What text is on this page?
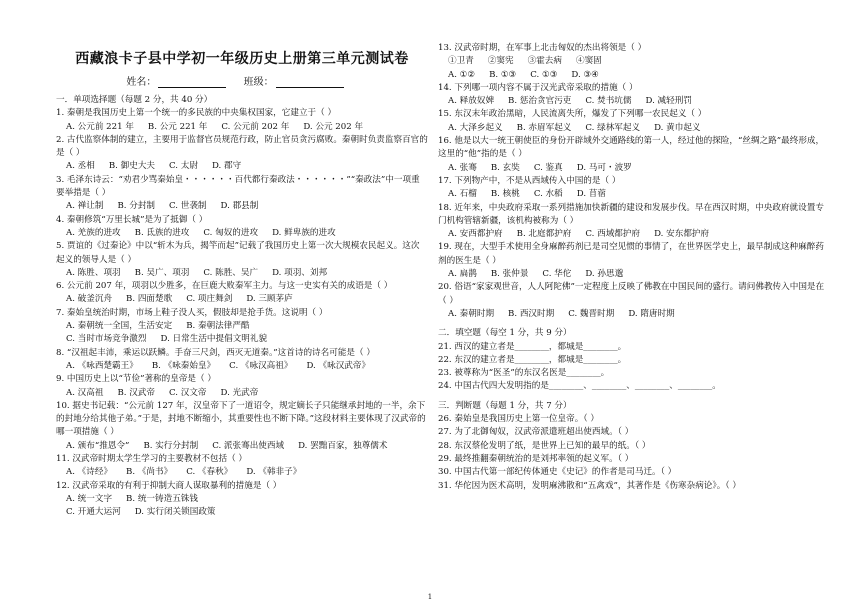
西藏浪卡子县中学初一年级历史上册第三单元测试卷
姓名：	班级：
一．单项选择题（每题 2 分，共 40 分）
1. 秦朝是我国历史上第一个统一的多民族的中央集权国家，它建立于（ ）
A. 公元前 221 年 B. 公元 221 年 C. 公元前 202 年 D. 公元 202 年
2. 古代监察体制的建立，主要用于监督官员规范行政，防止官员贪污腐败。秦朝时负责监察百官的是（ ）
A. 丞相 B. 御史大夫 C. 太尉 D. 郡守
3. 毛泽东诗云：“劝君少骂秦始皇・・・・・・百代都行秦政法・・・・・・”“秦政法”中一项重要举措是（ ）
A. 禅让制 B. 分封制 C. 世袭制 D. 郡县制
4. 秦朝修筑“万里长城”是为了抵御（ ）
A. 羌族的进攻 B. 氐族的进攻 C. 匈奴的进攻 D. 鲜卑族的进攻
5. 贾谊的《过秦论》中以“斩木为兵，揭竿而起”记载了我国历史上第一次大规模农民起义。这次起义的领导人是（ ）
A. 陈胜、项羽 B. 吴广、项羽 C. 陈胜、吴广 D. 项羽、刘邦
6. 公元前 207 年，项羽以少胜多，在巨鹿大败秦军主力。与这一史实有关的成语是（ ）
A. 破釜沉舟 B. 四面楚歌 C. 项庄舞剑 D. 三顾茅庐
7. 秦始皇统治时期，市场上鞋子没人买，假肢却是抢手货。这说明（ ）
A. 秦朝统一全国，生活安定 B. 秦朝法律严酷
C. 当时市场竞争激烈 D. 日常生活中提倡文明礼貌
8. “汉祖起丰沛，乘运以跃鳞。手奋三尺剑，西灭无道秦。”这首诗的诗名可能是（ ）
A. 《咏西楚霸王》 B. 《咏秦始皇》 C. 《咏汉高祖》 D. 《咏汉武帝》
9. 中国历史上以“节俭”著称的皇帝是（ ）
A. 汉高祖 B. 汉武帝 C. 汉文帝 D. 光武帝
10. 据史书记载：“公元前 127 年，汉皇帝下了一道诏令，规定嫡长子只能继承封地的一半，余下的封地分给其他子弟。”于是，封地不断缩小，其重要性也不断下降。”这段材料主要体现了汉武帝的哪一项措施（ ）
A. 颁布“推恩令” B. 实行分封制 C. 派张骞出使西域 D. 罢黜百家，独尊儒术
11. 汉武帝时期太学生学习的主要教材不包括（ ）
A. 《诗经》 B. 《尚书》 C. 《春秋》 D. 《韩非子》
12. 汉武帝采取的有利于抑制大商人谋取暴利的措施是（ ）
A. 统一文字 B. 统一铸造五铢钱
C. 开通大运河 D. 实行闭关锁国政策
13. 汉武帝时期，在军事上北击匈奴的杰出将领是（ ）
①卫青 ②窦宪 ③霍去病 ④窦固
A. ①② B. ①③ C. ①③ D. ③④
14. 下列哪一项内容不属于汉光武帝采取的措施（ ）
A. 释放奴婢 B. 惩治贪官污吏 C. 焚书坑儒 D. 减轻刑罚
15. 东汉末年政治黑暗，人民流离失所，爆发了下列哪一农民起义（ ）
A. 大泽乡起义 B. 赤眉军起义 C. 绿林军起义 D. 黄巾起义
16. 他是以大一统王朝使臣的身份开辟域外交通路线的第一人，经过他的探险，“丝绸之路”最终形成，这里的“他”指的是（ ）
A. 张骞 B. 玄奘 C. 鉴真 D. 马可・波罗
17. 下列物产中，不是从西域传入中国的是（ ）
A. 石榴 B. 核桃 C. 水稻 D. 苜蓿
18. 近年来，中央政府采取一系列措施加快新疆的建设和发展步伐。早在西汉时期，中央政府就设置专门机构管辖新疆，该机构被称为（ ）
A. 安西都护府 B. 北庭都护府 C. 西域都护府 D. 安东都护府
19. 现在，大型手术使用全身麻醉药剂已是司空见惯的事情了，在世界医学史上，最早制成这种麻醉药剂的医生是（ ）
A. 扁鹊 B. 张仲景 C. 华佗 D. 孙思邈
20. 俗语“家家观世音，人人阿陀佛”一定程度上反映了佛教在中国民间的盛行。请问佛教传入中国是在（ ）
A. 秦朝时期 B. 西汉时期 C. 魏晋时期 D. 隋唐时期
二．填空题（每空 1 分，共 9 分）
21. 西汉的建立者是________，都城是________。
22. 东汉的建立者是________，都城是________。
23. 被尊称为“医圣”的东汉名医是________。
24. 中国古代四大发明指的是________、________、________、________。
三．判断题（每题 1 分，共 7 分）
26. 秦始皇是我国历史上第一位皇帝。（ ）
27. 为了北御匈奴，汉武帝派遣班超出使西域。（ ）
28. 东汉蔡伦发明了纸，是世界上已知的最早的纸。（ ）
29. 最终推翻秦朝统治的是刘邦率领的起义军。（ ）
30. 中国古代第一部纪传体通史《史记》的作者是司马迁。（ ）
31. 华佗因为医术高明，发明麻沸散和“五禽戏”，其著作是《伤寒杂病论》。（ ）
1
